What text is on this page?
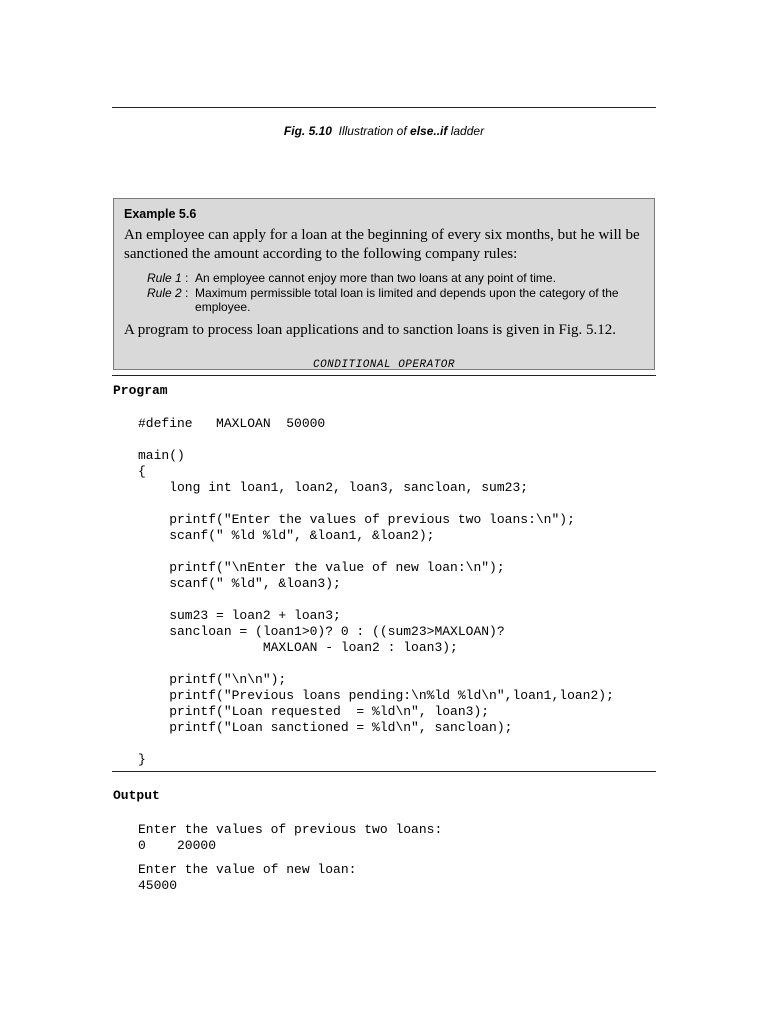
Fig. 5.10 Illustration of else..if ladder
Example 5.6
An employee can apply for a loan at the beginning of every six months, but he will be sanctioned the amount according to the following company rules:
Rule 1 : An employee cannot enjoy more than two loans at any point of time.
Rule 2 : Maximum permissible total loan is limited and depends upon the category of the employee.
A program to process loan applications and to sanction loans is given in Fig. 5.12.
CONDITIONAL OPERATOR
Program
#define   MAXLOAN  50000
main()
{
long int loan1, loan2, loan3, sancloan, sum23;
printf("Enter the values of previous two loans:\n");
scanf(" %ld %ld", &loan1, &loan2);
printf("\nEnter the value of new loan:\n");
scanf(" %ld", &loan3);
sum23 = loan2 + loan3;
sancloan = (loan1>0)? 0 : ((sum23>MAXLOAN)?
MAXLOAN - loan2 : loan3);
printf("\n\n");
printf("Previous loans pending:\n%ld %ld\n",loan1,loan2);
printf("Loan requested  = %ld\n", loan3);
printf("Loan sanctioned = %ld\n", sancloan);
}
Output
Enter the values of previous two loans:
0    20000

Enter the value of new loan:
45000
